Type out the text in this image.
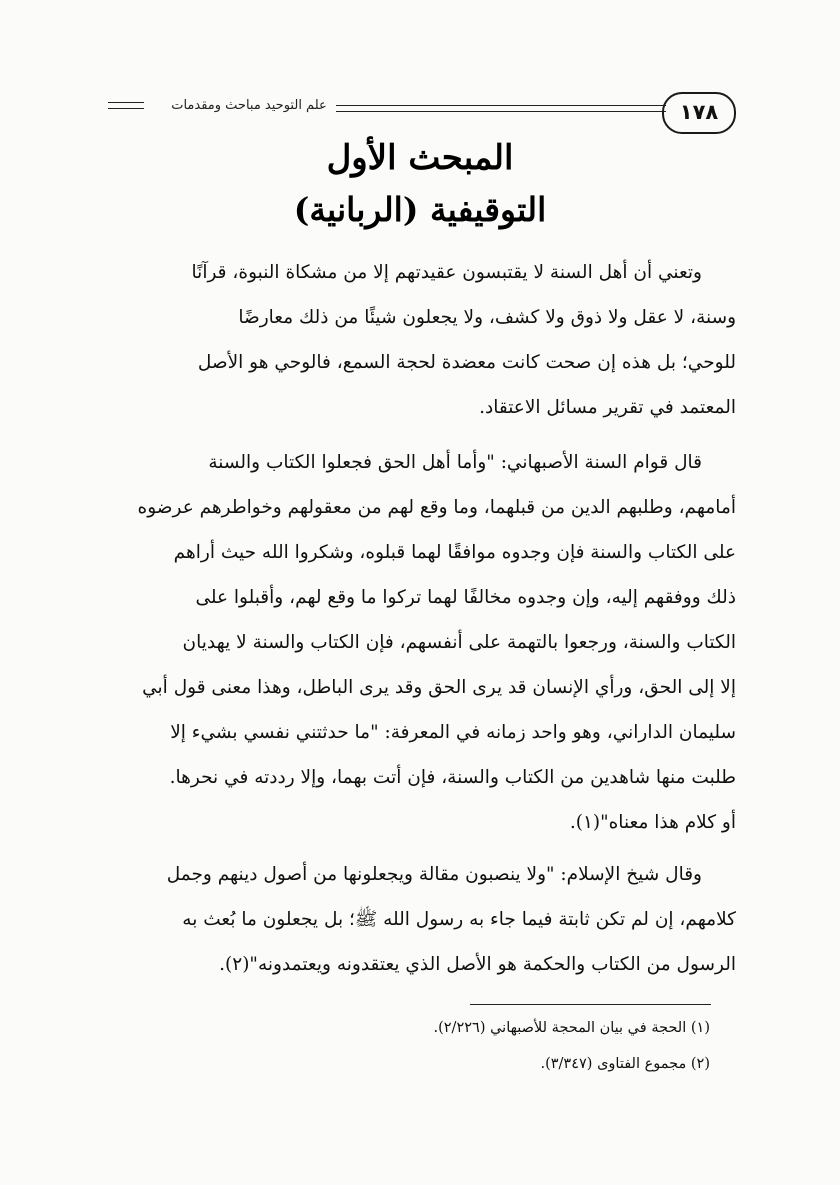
علم التوحيد مباحث ومقدمات	١٧٨
المبحث الأول
التوقيفية (الربانية)
وتعني أن أهل السنة لا يقتبسون عقيدتهم إلا من مشكاة النبوة، قرآنًا
وسنة، لا عقل ولا ذوق ولا كشف، ولا يجعلون شيئًا من ذلك معارضًا
للوحي؛ بل هذه إن صحت كانت معضدة لحجة السمع، فالوحي هو الأصل
المعتمد في تقرير مسائل الاعتقاد.
قال قوام السنة الأصبهاني: "وأما أهل الحق فجعلوا الكتاب والسنة
أمامهم، وطلبهم الدين من قبلهما، وما وقع لهم من معقولهم وخواطرهم عرضوه
على الكتاب والسنة فإن وجدوه موافقًا لهما قبلوه، وشكروا الله حيث أراهم
ذلك ووفقهم إليه، وإن وجدوه مخالفًا لهما تركوا ما وقع لهم، وأقبلوا على
الكتاب والسنة، ورجعوا بالتهمة على أنفسهم، فإن الكتاب والسنة لا يهديان
إلا إلى الحق، ورأي الإنسان قد يرى الحق وقد يرى الباطل، وهذا معنى قول أبي
سليمان الداراني، وهو واحد زمانه في المعرفة: "ما حدثتني نفسي بشيء إلا
طلبت منها شاهدين من الكتاب والسنة، فإن أتت بهما، وإلا رددته في نحرها.
أو كلام هذا معناه"(١).
وقال شيخ الإسلام: "ولا ينصبون مقالة ويجعلونها من أصول دينهم وجمل
كلامهم، إن لم تكن ثابتة فيما جاء به رسول الله ﷺ؛ بل يجعلون ما بُعث به
الرسول من الكتاب والحكمة هو الأصل الذي يعتقدونه ويعتمدونه"(٢).
(١) الحجة في بيان المحجة للأصبهاني (٢/٢٢٦).
(٢) مجموع الفتاوى (٣/٣٤٧).
